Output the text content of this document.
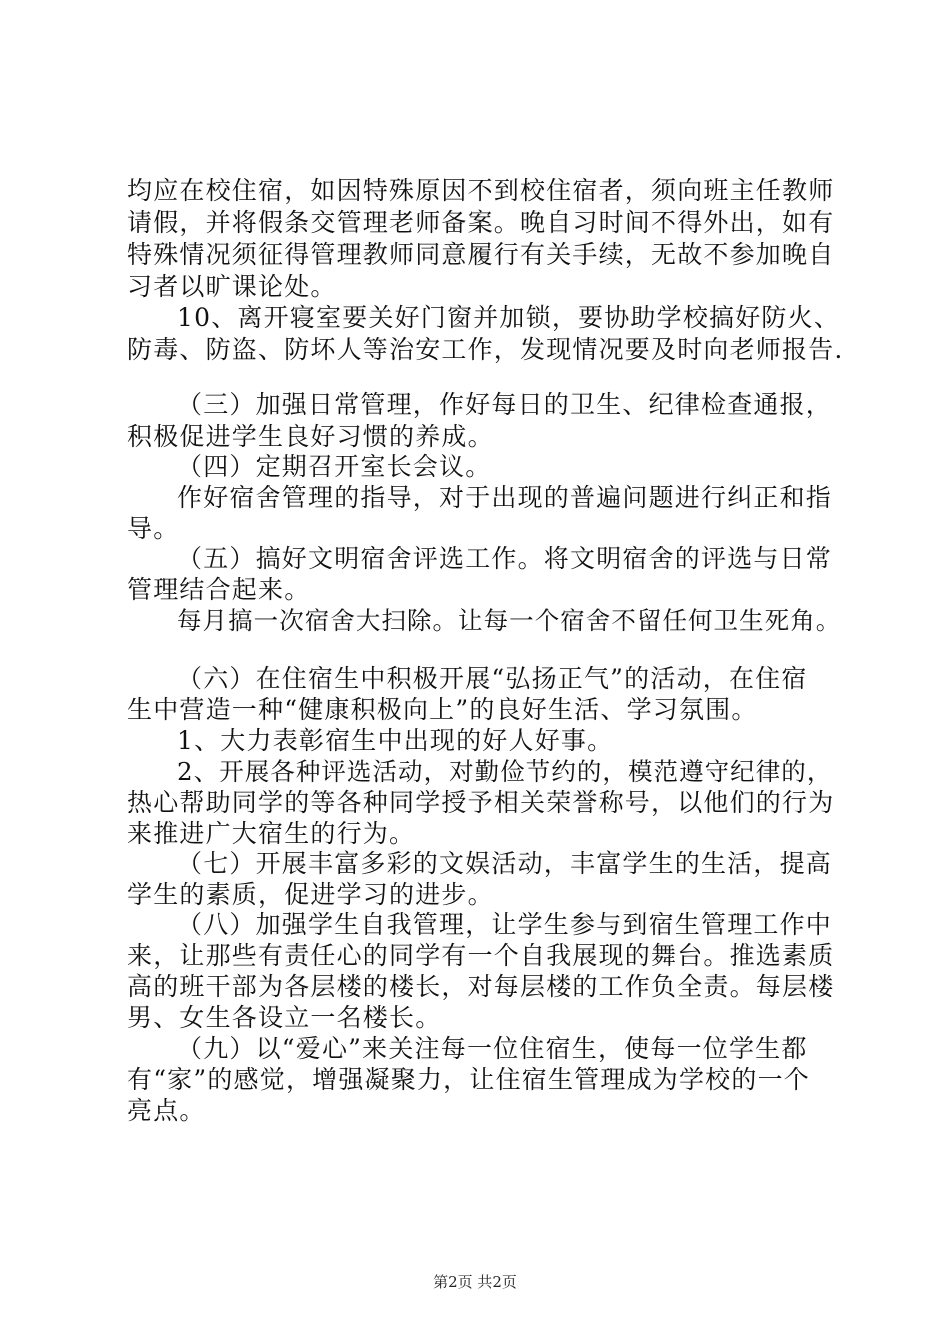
均应在校住宿，如因特殊原因不到校住宿者，须向班主任教师
请假，并将假条交管理老师备案。晚自习时间不得外出，如有
特殊情况须征得管理教师同意履行有关手续，无故不参加晚自
习者以旷课论处。
10、离开寝室要关好门窗并加锁，要协助学校搞好防火、
防毒、防盗、防坏人等治安工作，发现情况要及时向老师报告.
（三）加强日常管理，作好每日的卫生、纪律检查通报，
积极促进学生良好习惯的养成。
（四）定期召开室长会议。
作好宿舍管理的指导，对于出现的普遍问题进行纠正和指
导。
（五）搞好文明宿舍评选工作。将文明宿舍的评选与日常
管理结合起来。
每月搞一次宿舍大扫除。让每一个宿舍不留任何卫生死角。
（六）在住宿生中积极开展“弘扬正气”的活动，在住宿
生中营造一种“健康积极向上”的良好生活、学习氛围。
1、大力表彰宿生中出现的好人好事。
2、开展各种评选活动，对勤俭节约的，模范遵守纪律的，
热心帮助同学的等各种同学授予相关荣誉称号，以他们的行为
来推进广大宿生的行为。
（七）开展丰富多彩的文娱活动，丰富学生的生活，提高
学生的素质，促进学习的进步。
（八）加强学生自我管理，让学生参与到宿生管理工作中
来，让那些有责任心的同学有一个自我展现的舞台。推选素质
高的班干部为各层楼的楼长，对每层楼的工作负全责。每层楼
男、女生各设立一名楼长。
（九）以“爱心”来关注每一位住宿生，使每一位学生都
有“家”的感觉，增强凝聚力，让住宿生管理成为学校的一个
亮点。
第2页 共2页
